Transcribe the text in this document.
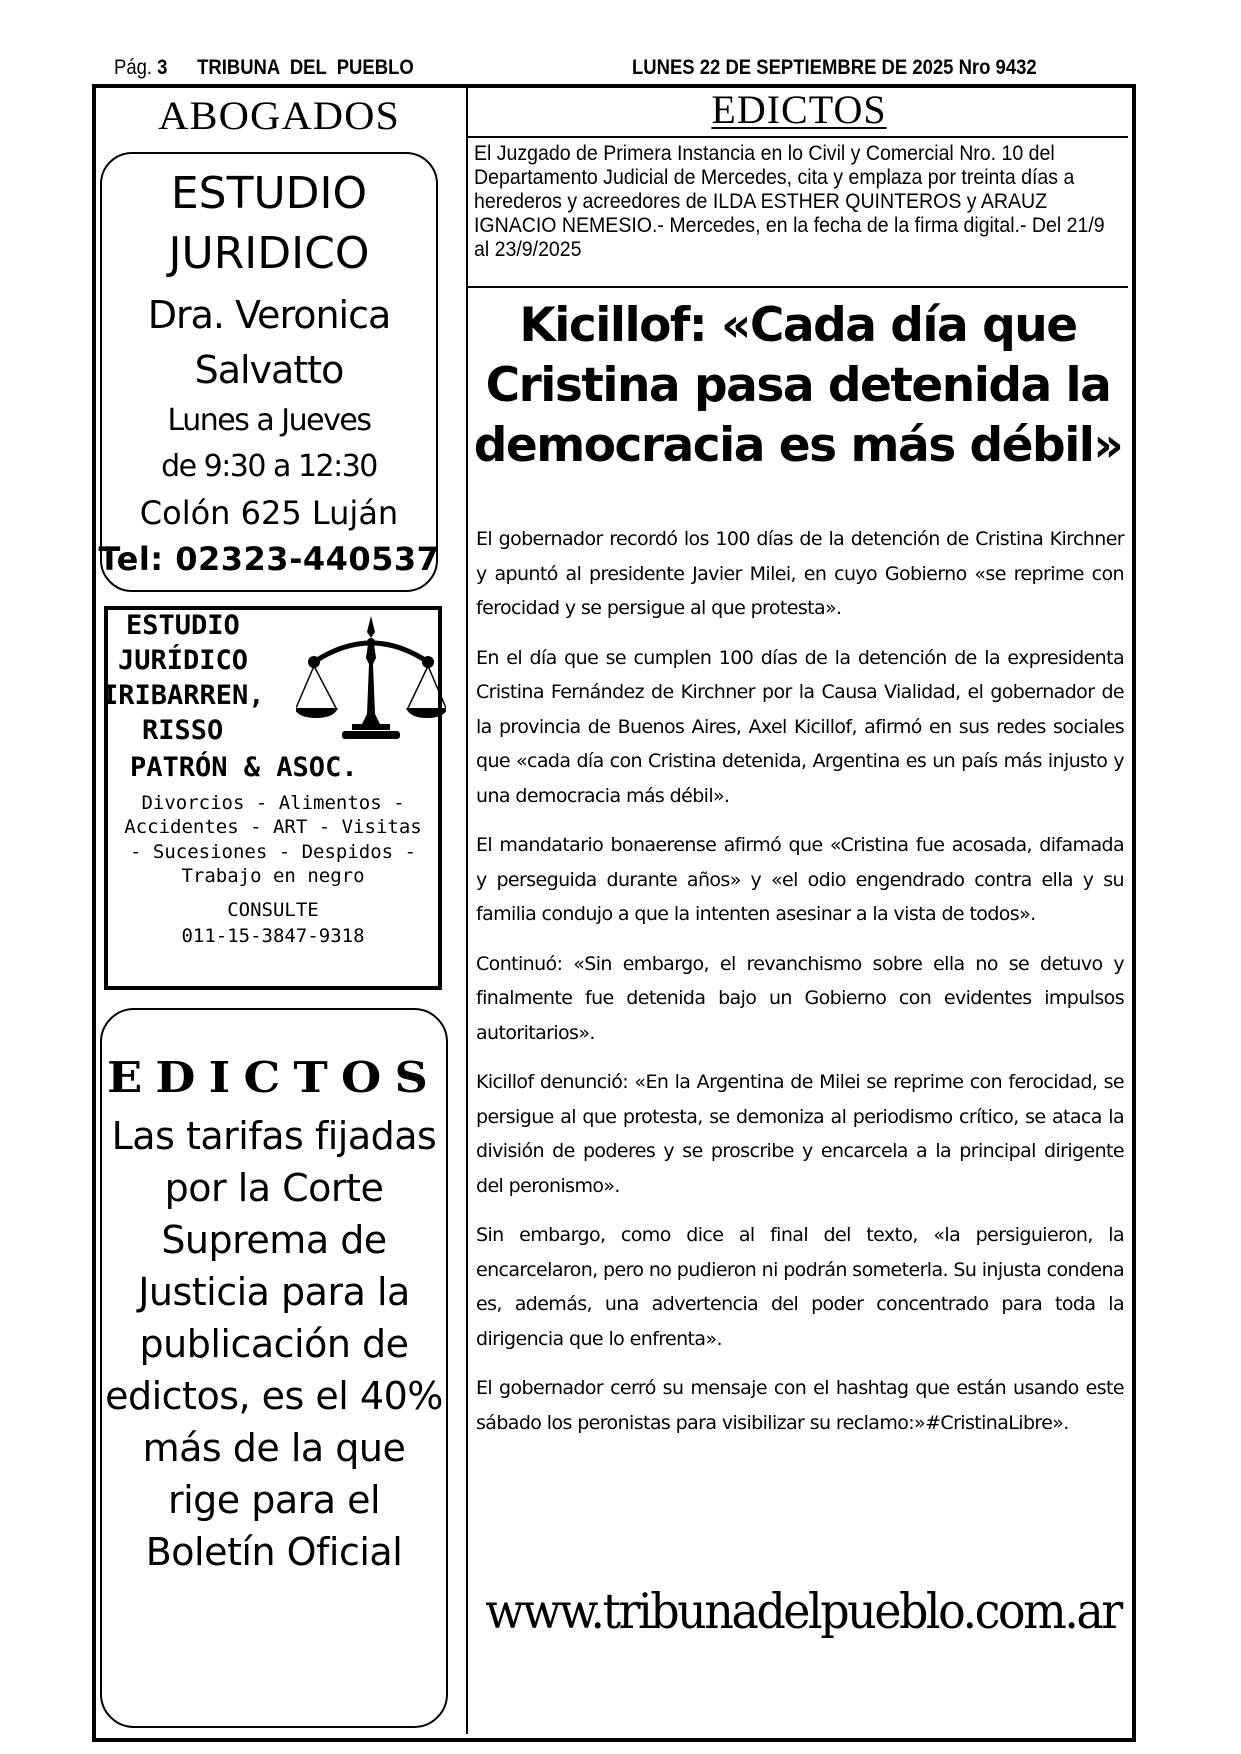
Pág. 3 TRIBUNA  DEL  PUEBLO	LUNES 22 DE SEPTIEMBRE DE 2025 Nro 9432
ABOGADOS
ESTUDIO
JURIDICO
Dra. Veronica
Salvatto
Lunes a Jueves
de 9:30 a 12:30
Colón 625 Luján
Tel: 02323-440537
ESTUDIO
JURÍDICO
IRIBARREN,
RISSO
PATRÓN & ASOC.
Divorcios - Alimentos -
Accidentes - ART - Visitas
- Sucesiones - Despidos -
Trabajo en negro
CONSULTE
011-15-3847-9318
EDICTOS
Las tarifas fijadas por la Corte Suprema de Justicia para la publicación de edictos, es el 40% más de la que rige para el Boletín Oficial
EDICTOS
El Juzgado de Primera Instancia en lo Civil y Comercial Nro. 10 del Departamento Judicial de Mercedes, cita y emplaza por treinta días a herederos y acreedores de ILDA ESTHER QUINTEROS y ARAUZ IGNACIO NEMESIO.- Mercedes, en la fecha de la firma digital.- Del 21/9 al 23/9/2025
Kicillof: «Cada día que Cristina pasa detenida la democracia es más débil»

El gobernador recordó los 100 días de la detención de Cristina Kirchner y apuntó al presidente Javier Milei, en cuyo Gobierno «se reprime con ferocidad y se persigue al que protesta».

En el día que se cumplen 100 días de la detención de la expresidenta Cristina Fernández de Kirchner por la Causa Vialidad, el gobernador de la provincia de Buenos Aires, Axel Kicillof, afirmó en sus redes sociales que «cada día con Cristina detenida, Argentina es un país más injusto y una democracia más débil».

El mandatario bonaerense afirmó que «Cristina fue acosada, difamada y perseguida durante años» y «el odio engendrado contra ella y su familia condujo a que la intenten asesinar a la vista de todos».

Continuó: «Sin embargo, el revanchismo sobre ella no se detuvo y finalmente fue detenida bajo un Gobierno con evidentes impulsos autoritarios».

Kicillof denunció: «En la Argentina de Milei se reprime con ferocidad, se persigue al que protesta, se demoniza al periodismo crítico, se ataca la división de poderes y se proscribe y encarcela a la principal dirigente del peronismo».

Sin embargo, como dice al final del texto, «la persiguieron, la encarcelaron, pero no pudieron ni podrán someterla. Su injusta condena es, además, una advertencia del poder concentrado para toda la dirigencia que lo enfrenta».

El gobernador cerró su mensaje con el hashtag que están usando este sábado los peronistas para visibilizar su reclamo:»#CristinaLibre».

www.tribunadelpueblo.com.ar
